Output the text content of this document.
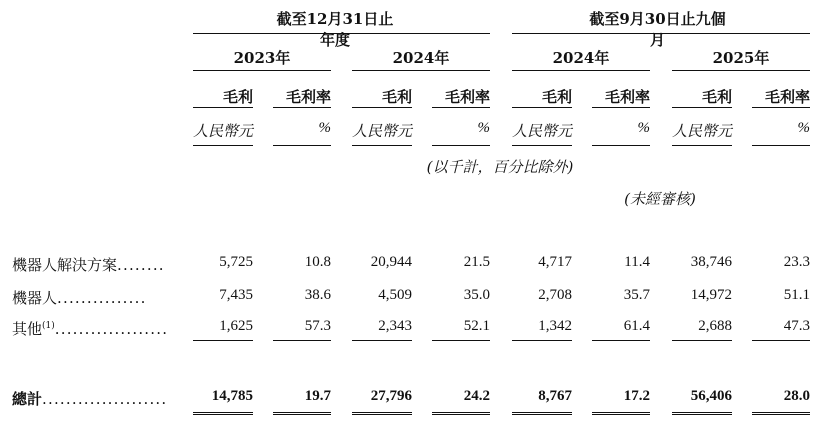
截至12月31日止年度
截至9月30日止九個月
2023年	2024年	2024年	2025年
毛利	毛利率	毛利	毛利率	毛利	毛利率	毛利	毛利率
人民幣元	%	人民幣元	%	人民幣元	%	人民幣元	%
(以千計，百分比除外)
(未經審核)
機器人解決方案........	5,725	10.8	20,944	21.5	4,717	11.4	38,746	23.3
機器人...............	7,435	38.6	4,509	35.0	2,708	35.7	14,972	51.1
其他$^{(1)}$...................	1,625	57.3	2,343	52.1	1,342	61.4	2,688	47.3
總計.....................	14,785	19.7	27,796	24.2	8,767	17.2	56,406	28.0
